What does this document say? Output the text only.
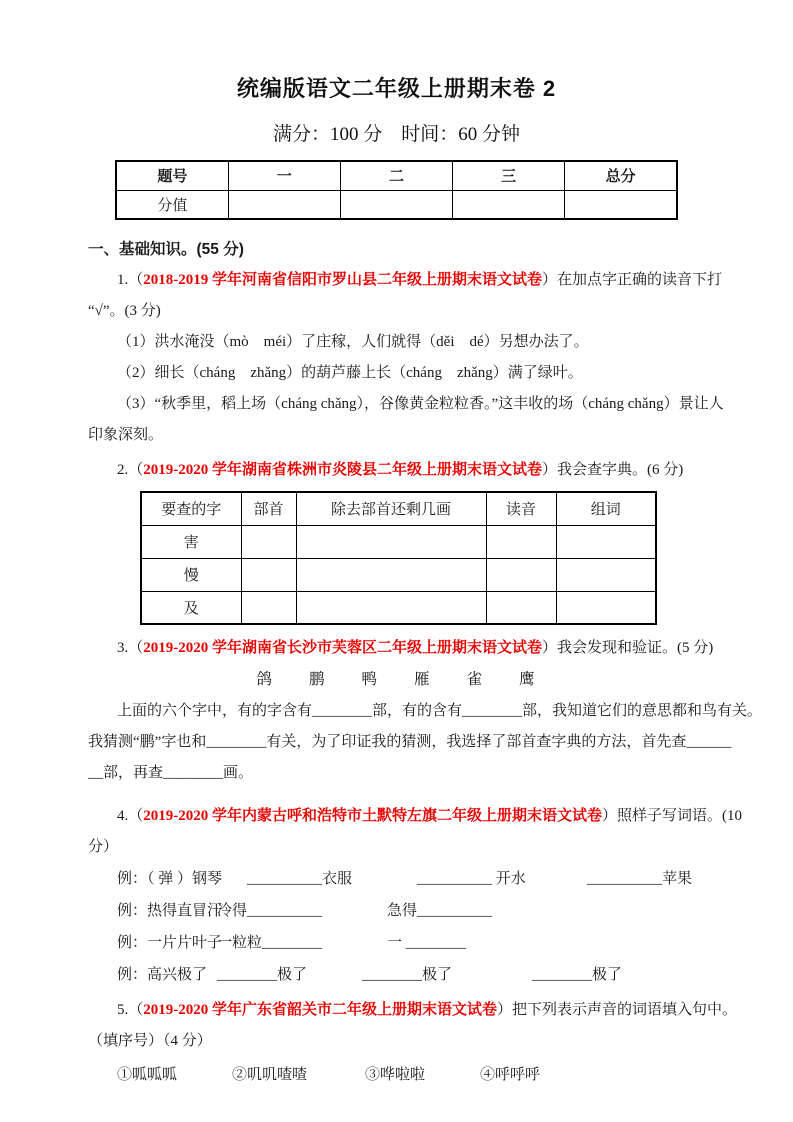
统编版语文二年级上册期末卷 2
满分：100 分　时间：60 分钟
题号	一	二	三	总分
分值				
一、基础知识。(55 分)
1.（2018-2019 学年河南省信阳市罗山县二年级上册期末语文试卷）在加点字正确的读音下打
“√”。(3 分)
（1）洪水淹没（mò　méi）了庄稼，人们就得（děi　dé）另想办法了。
（2）细长（cháng　zhǎng）的葫芦藤上长（cháng　zhǎng）满了绿叶。
（3）“秋季里，稻上场（cháng chǎng），谷像黄金粒粒香。”这丰收的场（cháng chǎng）景让人
印象深刻。
2.（2019-2020 学年湖南省株洲市炎陵县二年级上册期末语文试卷）我会查字典。(6 分)
要查的字	部首	除去部首还剩几画	读音	组词
害				
慢				
及				
3.（2019-2020 学年湖南省长沙市芙蓉区二年级上册期末语文试卷）我会发现和验证。(5 分)
鸽　　鹏　　鸭　　雁　　雀　　鹰
上面的六个字中，有的字含有________部，有的含有________部，我知道它们的意思都和鸟有关。
我猜测“鹏”字也和________有关，为了印证我的猜测，我选择了部首查字典的方法，首先查______
__部，再查________画。
4.（2019-2020 学年内蒙古呼和浩特市土默特左旗二年级上册期末语文试卷）照样子写词语。(10
分）
例：（ 弹 ）钢琴	__________衣服	__________ 开水	__________苹果
例：热得直冒汗
冷得__________	急得__________
例：一片片叶子
一粒粒________	一 ________
例：高兴极了 ________极了	________极了	________极了
5.（2019-2020 学年广东省韶关市二年级上册期末语文试卷）把下列表示声音的词语填入句中。
（填序号）（4 分）
①呱呱呱	②叽叽喳喳	③哗啦啦	④呼呼呼
